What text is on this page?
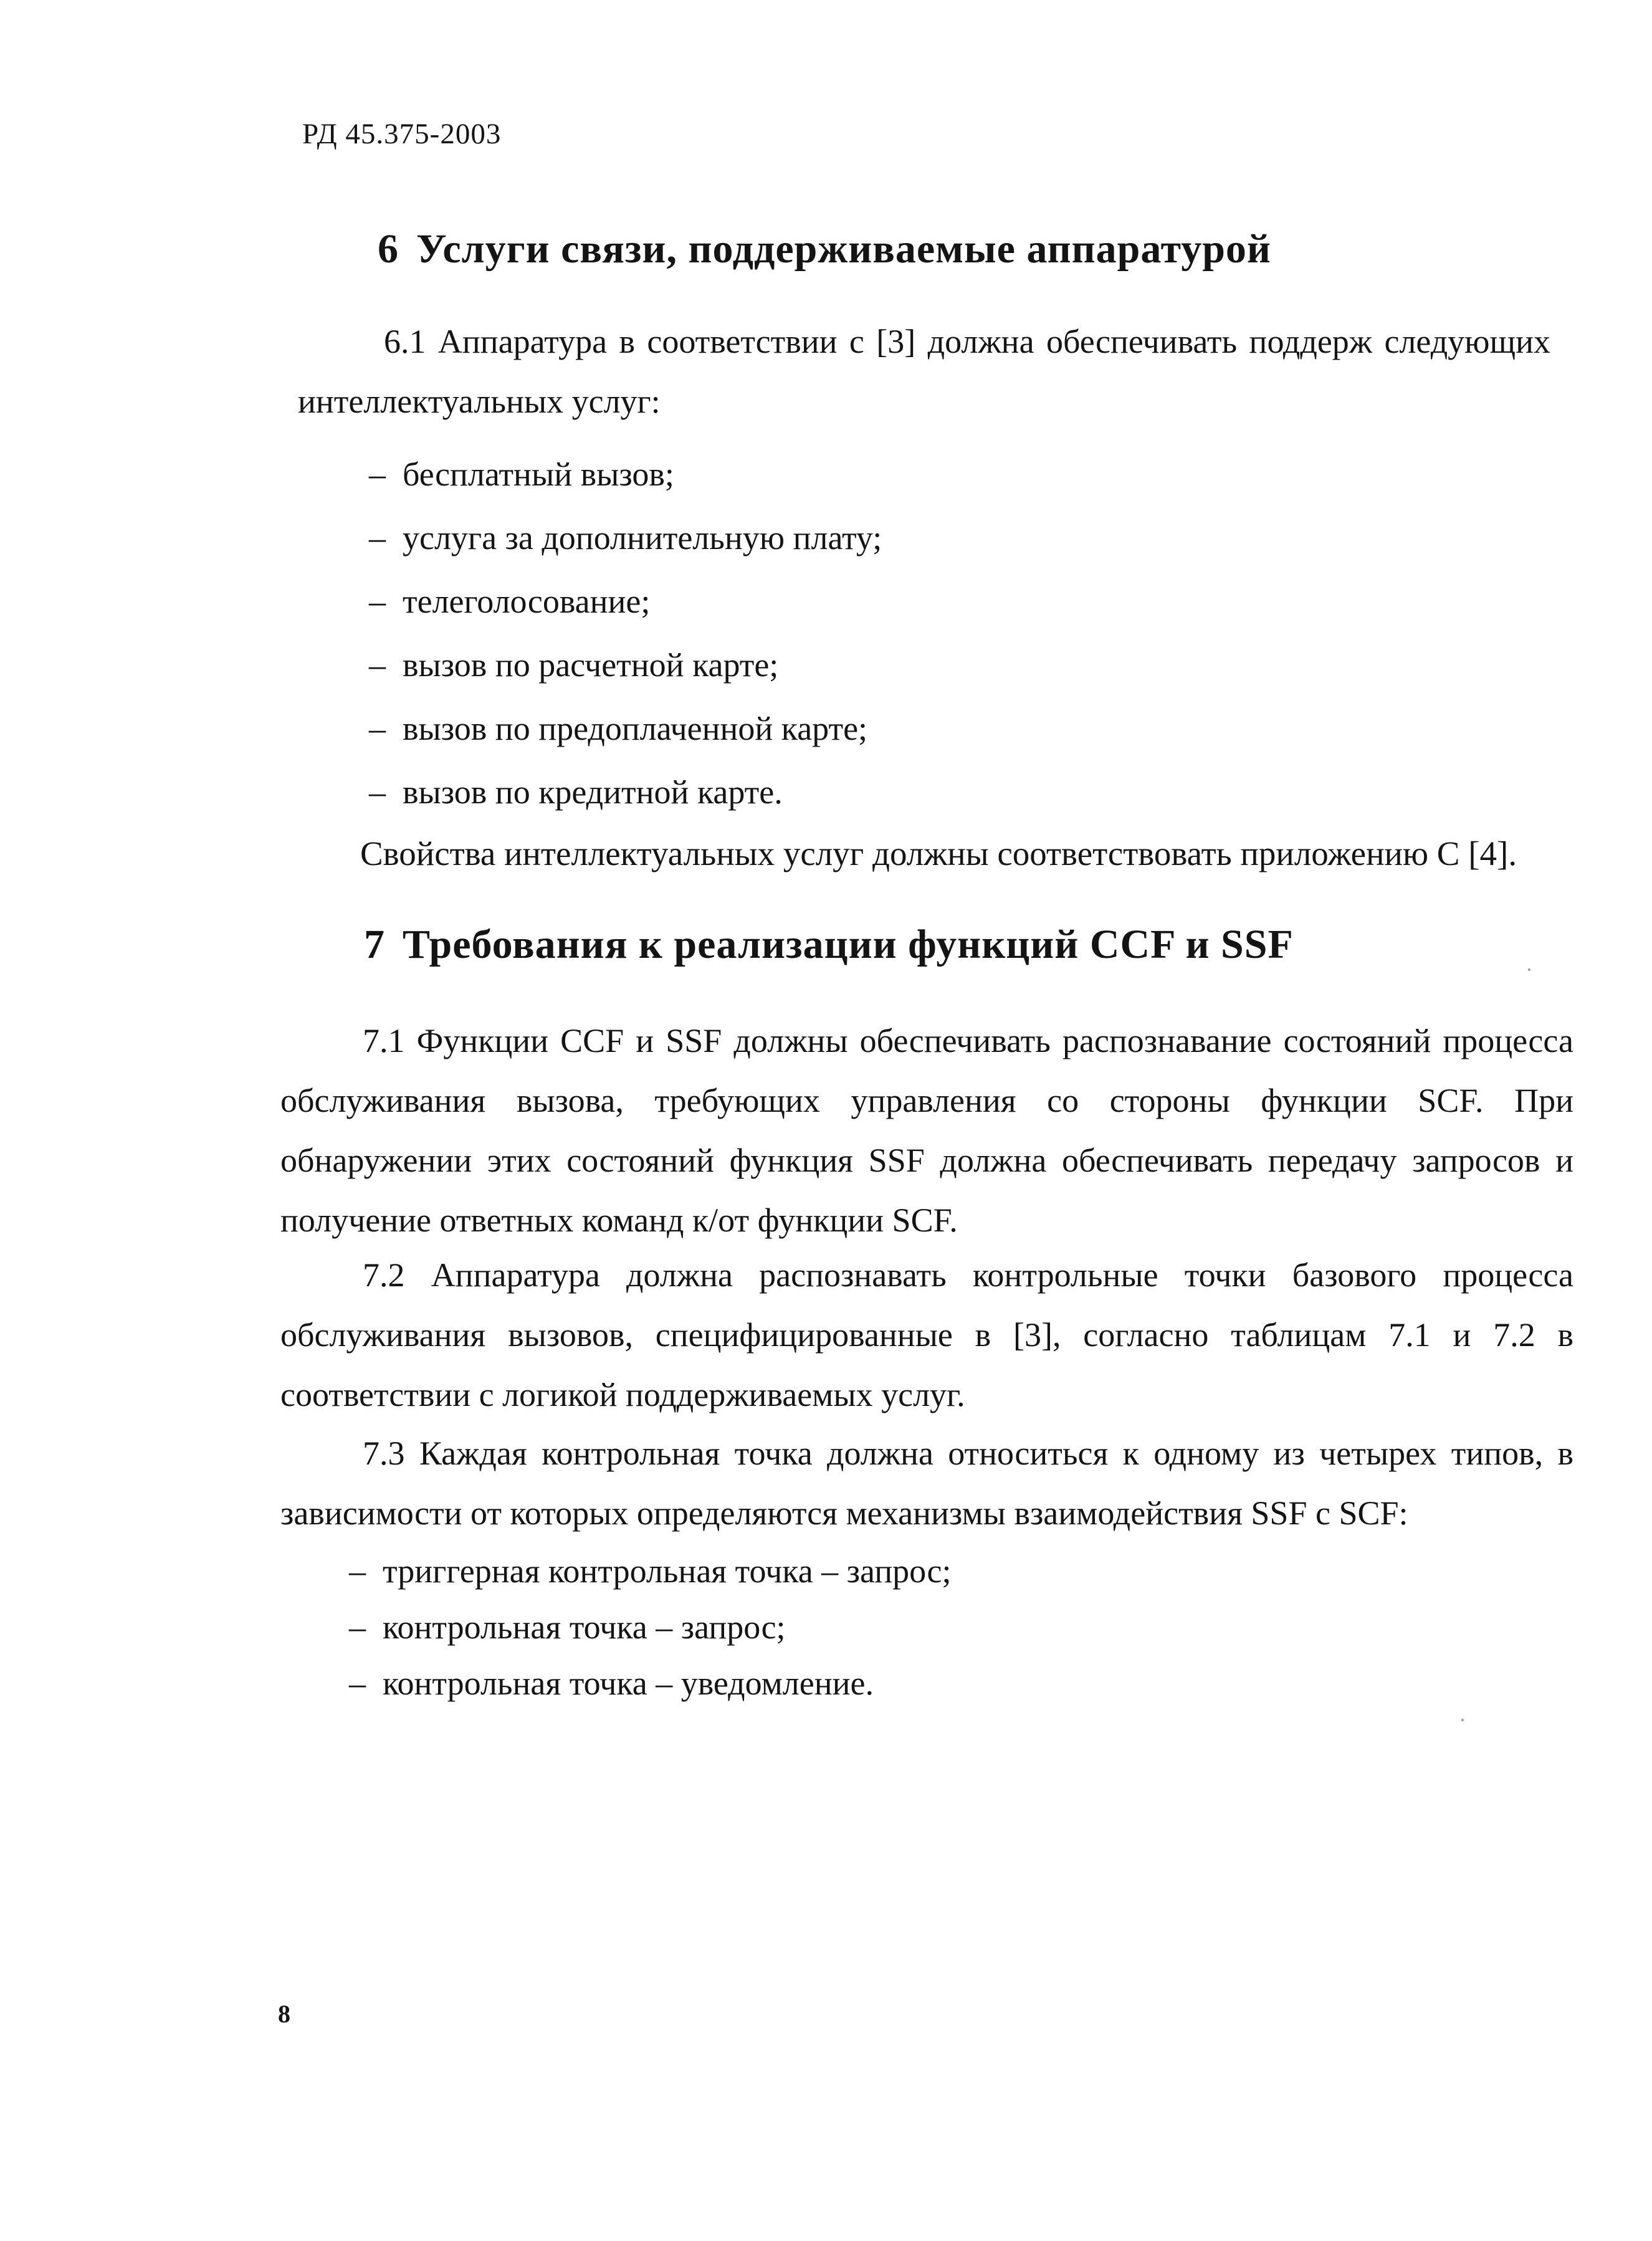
РД 45.375-2003
6 Услуги связи, поддерживаемые аппаратурой
6.1 Аппаратура в соответствии с [3] должна обеспечивать поддерж следующих интеллектуальных услуг:
– бесплатный вызов;
– услуга за дополнительную плату;
– телеголосование;
– вызов по расчетной карте;
– вызов по предоплаченной карте;
– вызов по кредитной карте.
Свойства интеллектуальных услуг должны соответствовать приложению С [4].
7 Требования к реализации функций CCF и SSF
7.1 Функции CCF и SSF должны обеспечивать распознавание состояний процесса обслуживания вызова, требующих управления со стороны функции SCF. При обнаружении этих состояний функция SSF должна обеспечивать передачу запросов и получение ответных команд к/от функции SCF.
7.2 Аппаратура должна распознавать контрольные точки базового процесса обслуживания вызовов, специфицированные в [3], согласно таблицам 7.1 и 7.2 в соответствии с логикой поддерживаемых услуг.
7.3 Каждая контрольная точка должна относиться к одному из четырех типов, в зависимости от которых определяются механизмы взаимодействия SSF с SCF:
– триггерная контрольная точка – запрос;
– контрольная точка – запрос;
– контрольная точка – уведомление.
8
